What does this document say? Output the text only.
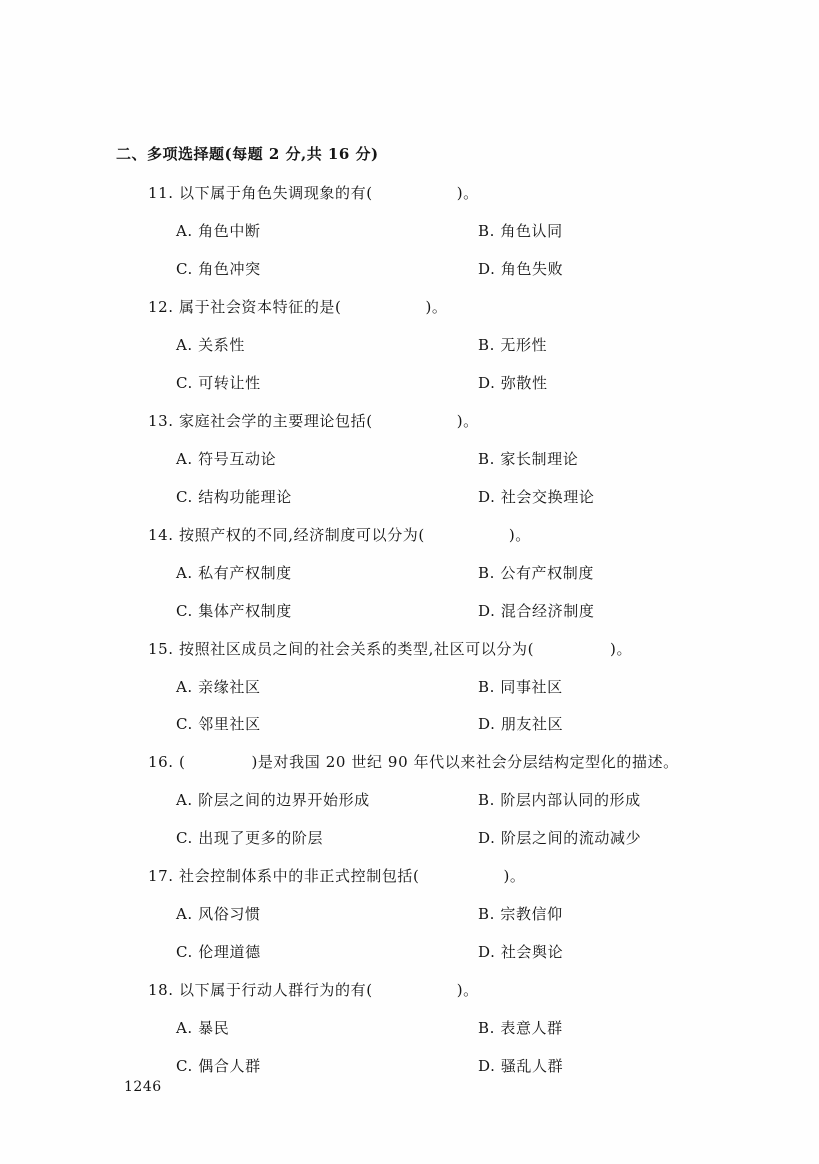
二、多项选择题(每题 2 分,共 16 分)
11. 以下属于角色失调现象的有(	)。
A. 角色中断	B. 角色认同
C. 角色冲突	D. 角色失败
12. 属于社会资本特征的是(	)。
A. 关系性	B. 无形性
C. 可转让性	D. 弥散性
13. 家庭社会学的主要理论包括(	)。
A. 符号互动论	B. 家长制理论
C. 结构功能理论	D. 社会交换理论
14. 按照产权的不同,经济制度可以分为(	)。
A. 私有产权制度	B. 公有产权制度
C. 集体产权制度	D. 混合经济制度
15. 按照社区成员之间的社会关系的类型,社区可以分为(	)。
A. 亲缘社区	B. 同事社区
C. 邻里社区	D. 朋友社区
16. (	)是对我国 20 世纪 90 年代以来社会分层结构定型化的描述。
A. 阶层之间的边界开始形成	B. 阶层内部认同的形成
C. 出现了更多的阶层	D. 阶层之间的流动减少
17. 社会控制体系中的非正式控制包括(	)。
A. 风俗习惯	B. 宗教信仰
C. 伦理道德	D. 社会舆论
18. 以下属于行动人群行为的有(	)。
A. 暴民	B. 表意人群
C. 偶合人群	D. 骚乱人群
1246
